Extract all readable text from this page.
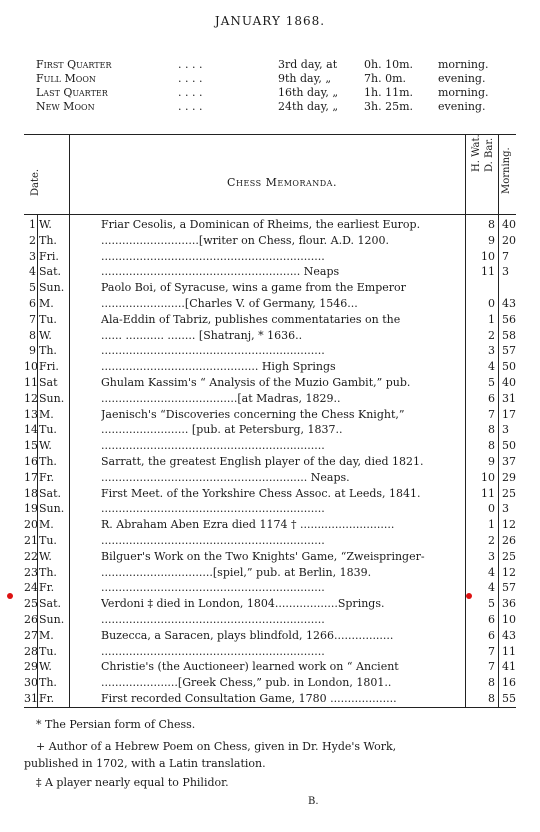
JANUARY 1868.
First Quarter	. . . .	3rd day, at 0h. 10m. morning.
Full Moon	. . . .	9th day, „	7h. 0m.	evening.
Last Quarter	. . . .	16th day, „ 1h. 11m. morning.
New Moon	. . . .	24th day, „ 3h. 25m. evening.
Date.	Chess Memoranda.
H. Wat. D. Bar. Morning.
1 W.	Friar Cesolis, a Dominican of Rheims, the earliest Europ.	8 40
2 Th.	............................[writer on Chess, flour. A.D. 1200.	9 20
3 Fri.	................................................................	10 7
4 Sat.	......................................................... Neaps	11 3
5 Sun.	Paolo Boi, of Syracuse, wins a game from the Emperor
6 M.	........................[Charles V. of Germany, 1546...	0 43
7 Tu.	Ala-Eddin of Tabriz, publishes commentataries on the	1 56
8 W.	...... ........... ........ [Shatranj, * 1636..	2 58
9 Th.	................................................................	3 57
10 Fri.	............................................. High Springs	4 50
11 Sat	Ghulam Kassim's “ Analysis of the Muzio Gambit,” pub.	5 40
12 Sun.	.......................................[at Madras, 1829..	6 31
13 M.	Jaenisch's “Discoveries concerning the Chess Knight,”	7 17
14 Tu.	......................... [pub. at Petersburg, 1837..	8 3
15 W.	................................................................	8 50
16 Th.	Sarratt, the greatest English player of the day, died 1821.	9 37
17 Fr.	........................................................... Neaps.	10 29
18 Sat.	First Meet. of the Yorkshire Chess Assoc. at Leeds, 1841.	11 25
19 Sun.	................................................................	0 3
20 M.	R. Abraham Aben Ezra died 1174 † ...........................	1 12
21 Tu.	................................................................	2 26
22 W.	Bilguer's Work on the Two Knights' Game, “Zweispringer-	3 25
23 Th.	................................[spiel,” pub. at Berlin, 1839.	4 12
24 Fr.	................................................................	4 57
25 Sat.	Verdoni ‡ died in London, 1804..................Springs.	5 36
26 Sun.	................................................................	6 10
27 M.	Buzecca, a Saracen, plays blindfold, 1266.................	6 43
28 Tu.	................................................................	7 11
29 W.	Christie's (the Auctioneer) learned work on “ Ancient	7 41
30 Th.	......................[Greek Chess,” pub. in London, 1801..	8 16
31 Fr.	First recorded Consultation Game, 1780 ...................	8 55
* The Persian form of Chess.
+ Author of a Hebrew Poem on Chess, given in Dr. Hyde's Work,
published in 1702, with a Latin translation.
‡ A player nearly equal to Philidor.
B.
